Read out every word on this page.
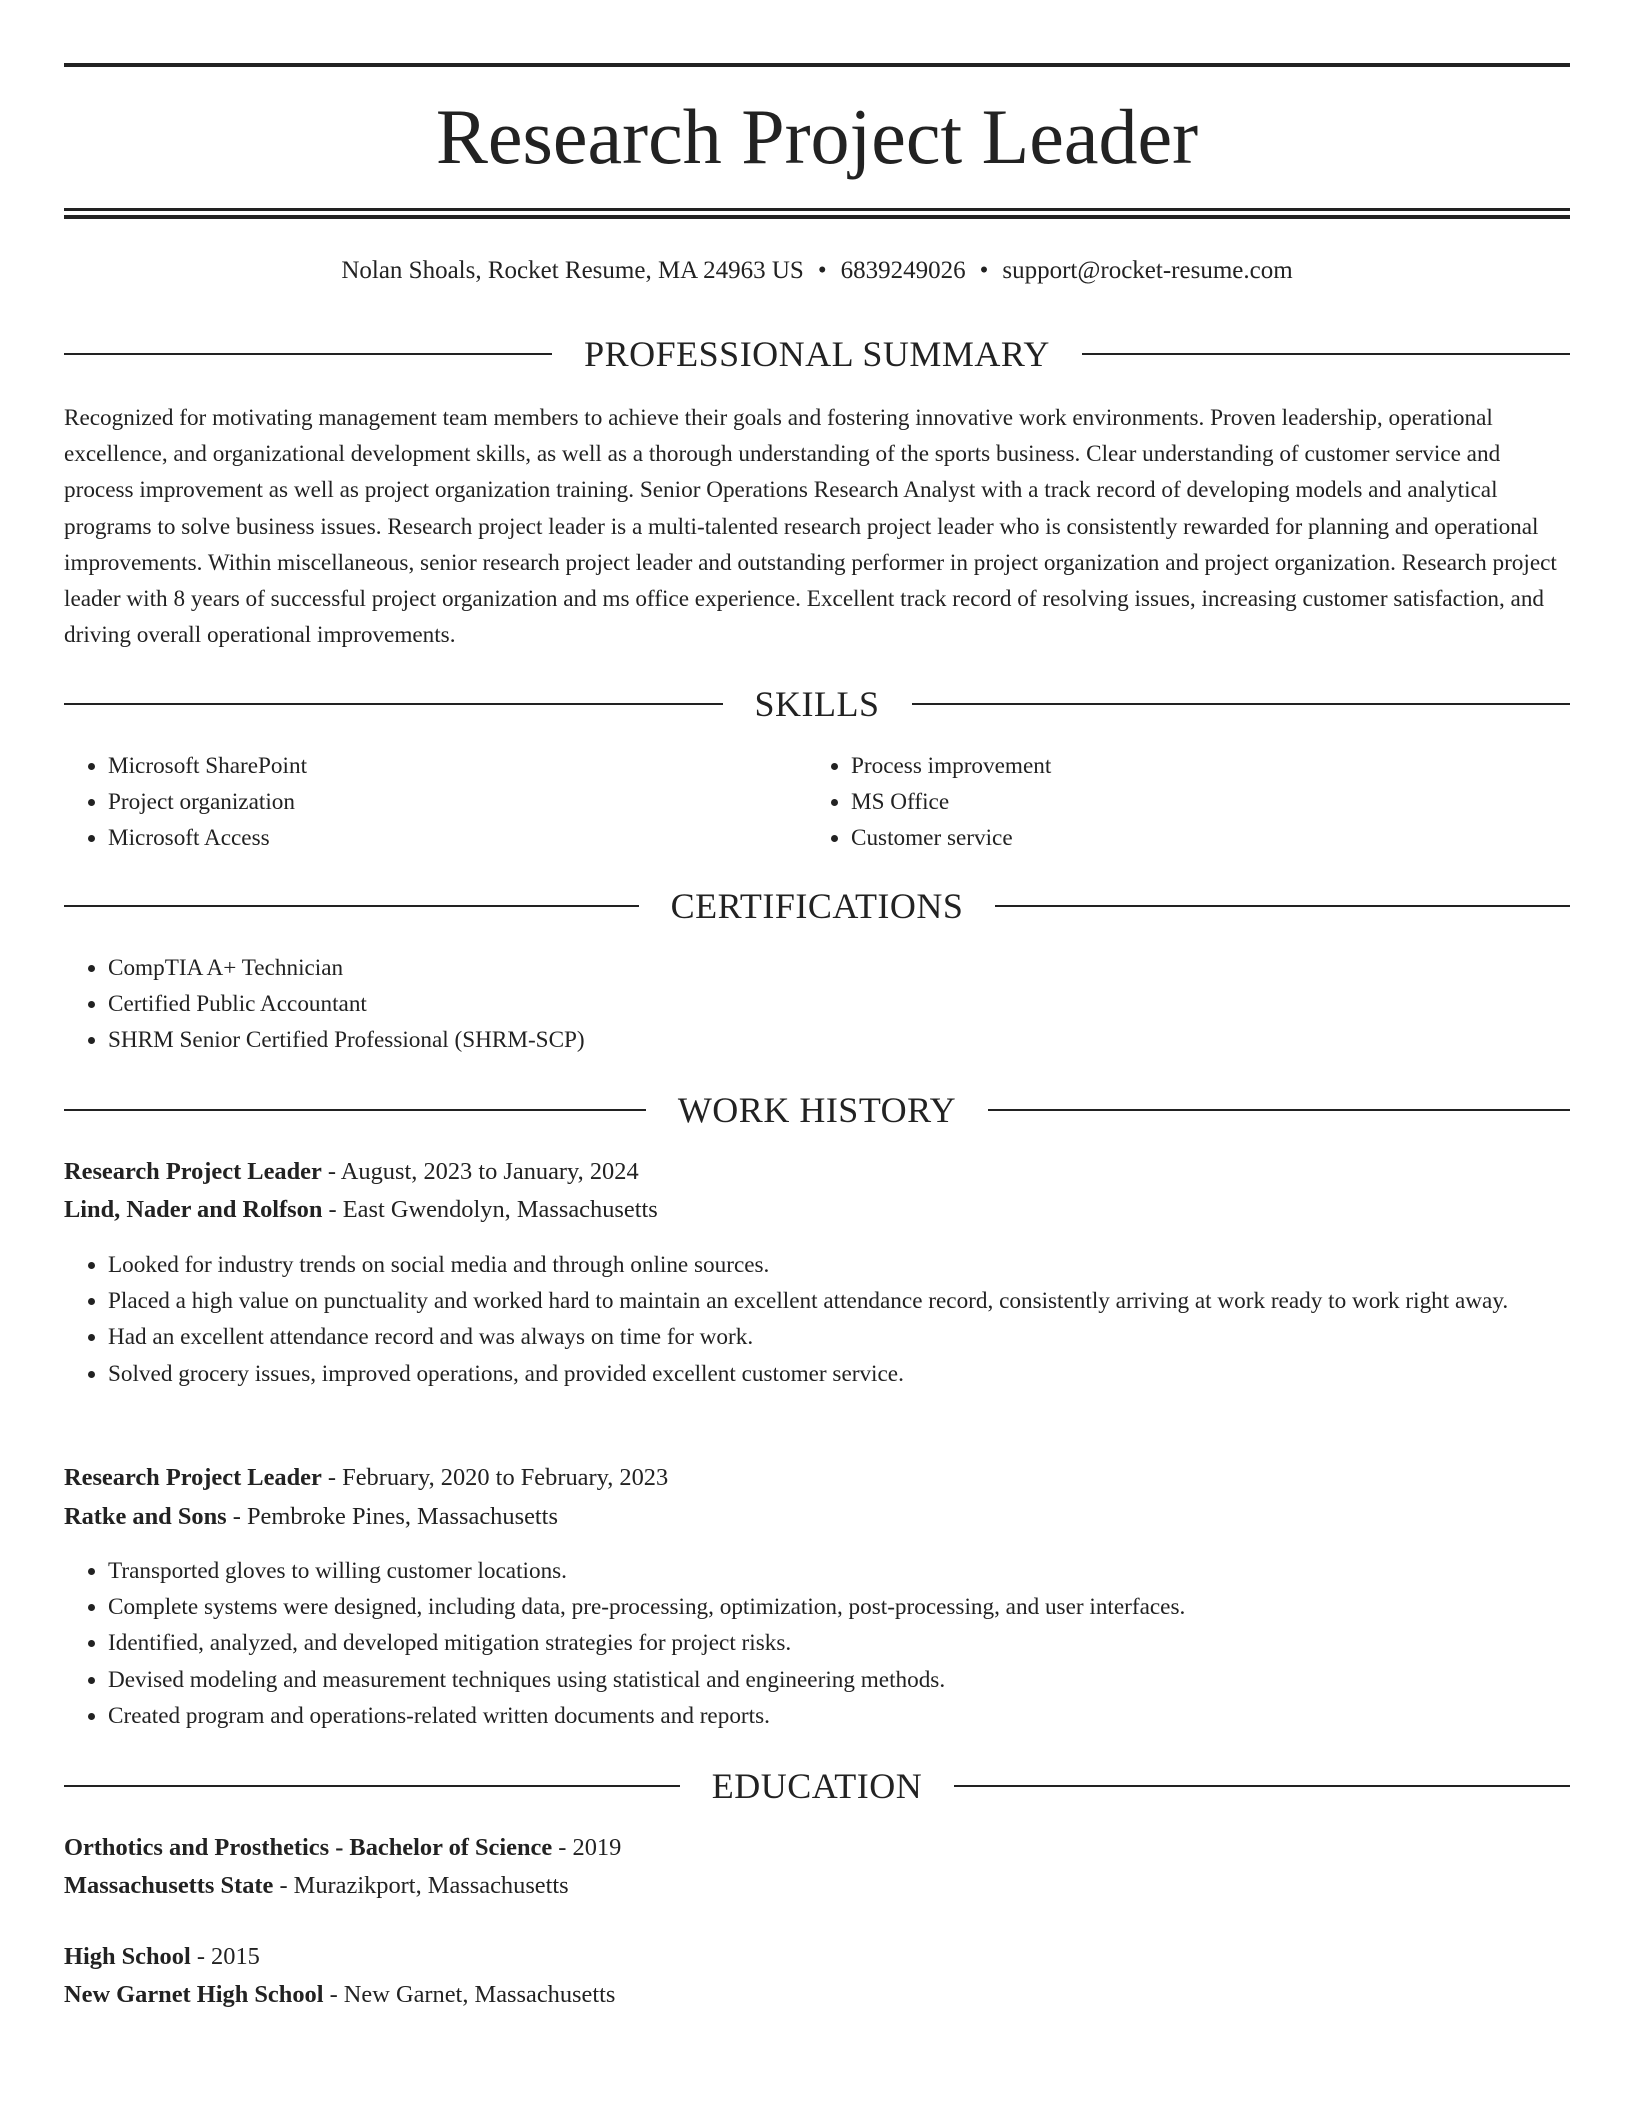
Research Project Leader
Nolan Shoals, Rocket Resume, MA 24963 US • 6839249026 • support@rocket-resume.com
PROFESSIONAL SUMMARY

Recognized for motivating management team members to achieve their goals and fostering innovative work environments. Proven leadership, operational excellence, and organizational development skills, as well as a thorough understanding of the sports business. Clear understanding of customer service and process improvement as well as project organization training. Senior Operations Research Analyst with a track record of developing models and analytical programs to solve business issues. Research project leader is a multi-talented research project leader who is consistently rewarded for planning and operational improvements. Within miscellaneous, senior research project leader and outstanding performer in project organization and project organization. Research project leader with 8 years of successful project organization and ms office experience. Excellent track record of resolving issues, increasing customer satisfaction, and driving overall operational improvements.

SKILLS
• Microsoft SharePoint
• Project organization
• Microsoft Access
• Process improvement
• MS Office
• Customer service
CERTIFICATIONS
• CompTIA A+ Technician
• Certified Public Accountant
• SHRM Senior Certified Professional (SHRM-SCP)
WORK HISTORY
Research Project Leader - August, 2023 to January, 2024
Lind, Nader and Rolfson - East Gwendolyn, Massachusetts
• Looked for industry trends on social media and through online sources.
• Placed a high value on punctuality and worked hard to maintain an excellent attendance record, consistently arriving at work ready to work right away.
• Had an excellent attendance record and was always on time for work.
• Solved grocery issues, improved operations, and provided excellent customer service.
Research Project Leader - February, 2020 to February, 2023
Ratke and Sons - Pembroke Pines, Massachusetts
• Transported gloves to willing customer locations.
• Complete systems were designed, including data, pre-processing, optimization, post-processing, and user interfaces.
• Identified, analyzed, and developed mitigation strategies for project risks.
• Devised modeling and measurement techniques using statistical and engineering methods.
• Created program and operations-related written documents and reports.
EDUCATION
Orthotics and Prosthetics - Bachelor of Science - 2019
Massachusetts State - Murazikport, Massachusetts
High School - 2015
New Garnet High School - New Garnet, Massachusetts
